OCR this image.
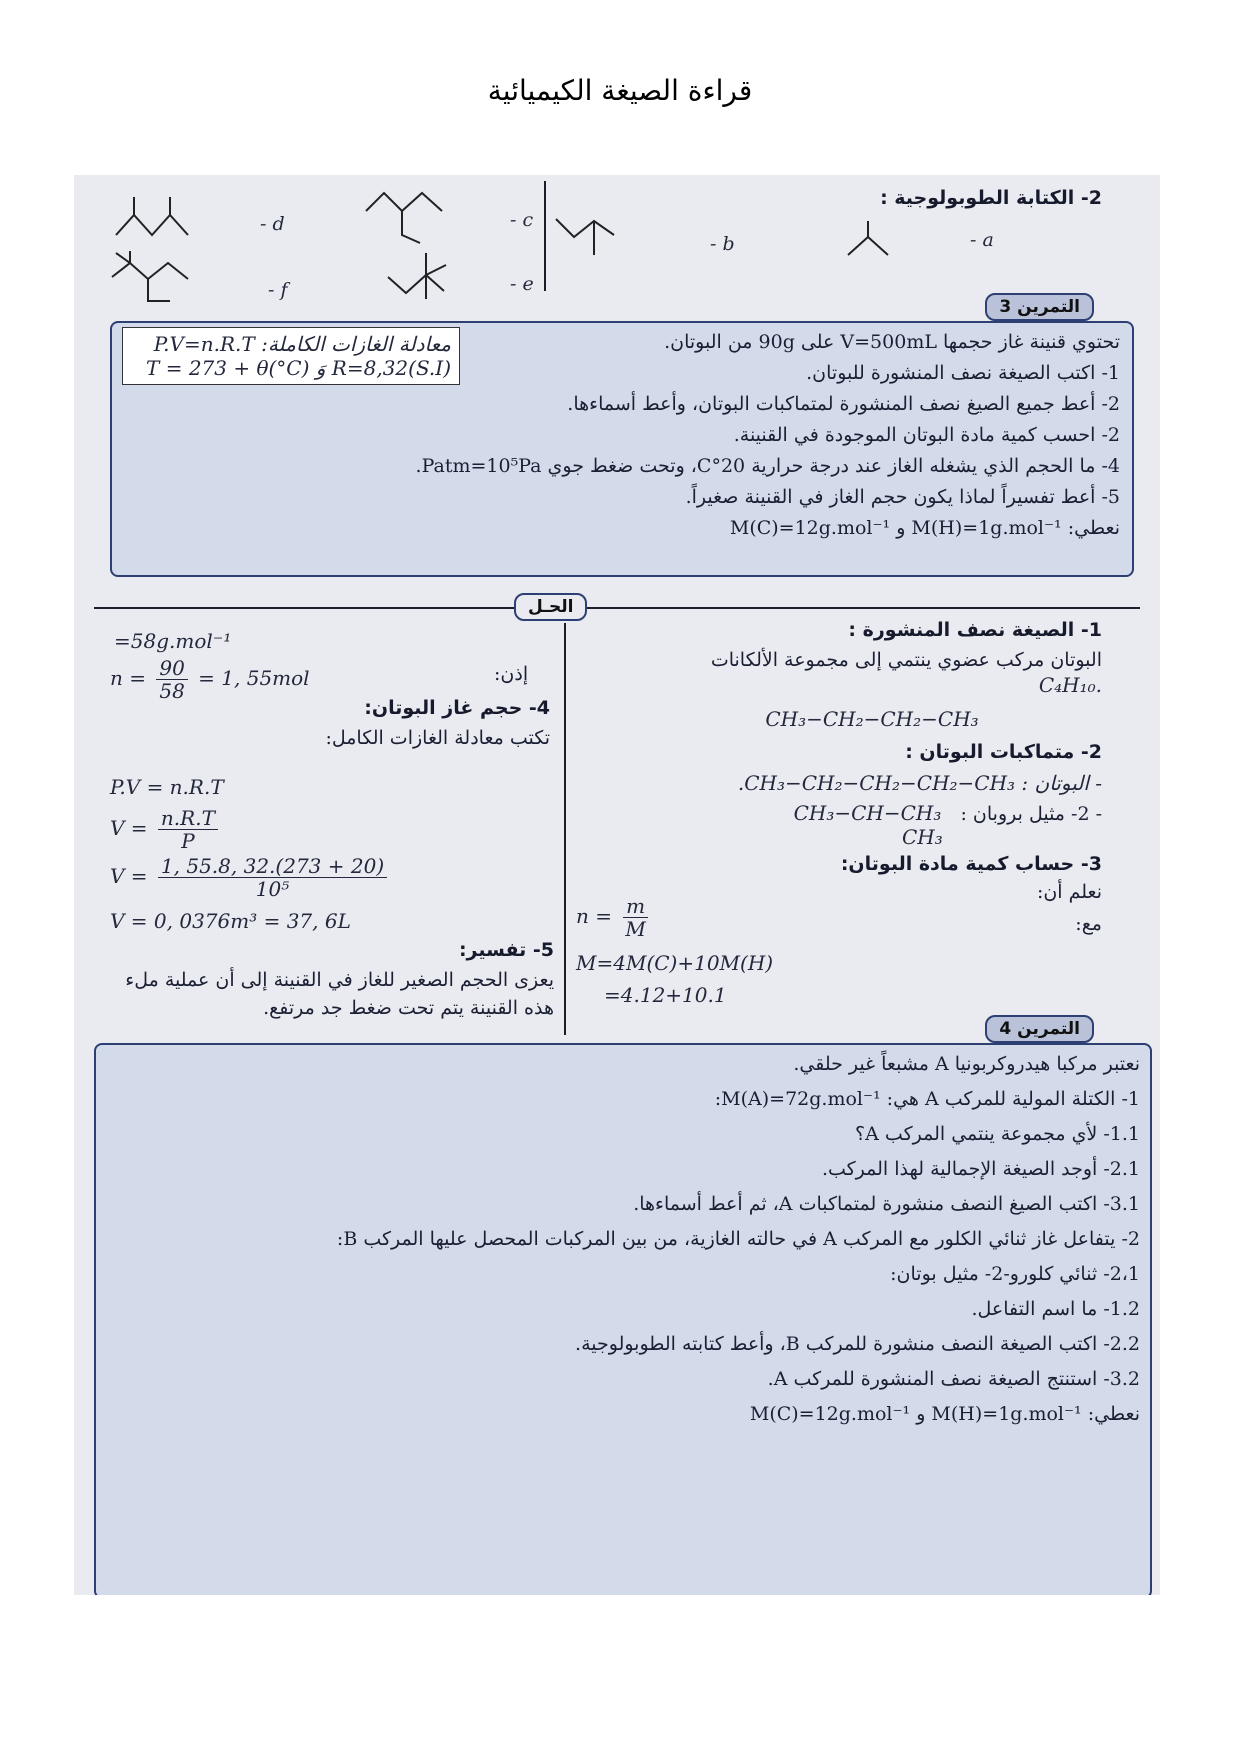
قراءة الصيغة الكيميائية
2- الكتابة الطوبولوجية :
- a
- b
- c
- d
- e
- f
التمرين 3
معادلة الغازات الكاملة: P.V=n.R.T
R=8,32(S.I) وَ T = 273 + θ(°C)
تحتوي قنينة غاز حجمها V=500mL على 90g من البوتان.
1- اكتب الصيغة نصف المنشورة للبوتان.
2- أعط جميع الصيغ نصف المنشورة لمتماكبات البوتان، وأعط أسماءها.
2- احسب كمية مادة البوتان الموجودة في القنينة.
4- ما الحجم الذي يشغله الغاز عند درجة حرارية 20°C، وتحت ضغط جوي Patm=10⁵Pa.
5- أعط تفسيراً لماذا يكون حجم الغاز في القنينة صغيراً.
نعطي: M(H)=1g.mol⁻¹ و M(C)=12g.mol⁻¹
الحـل
1- الصيغة نصف المنشورة :
البوتان مركب عضوي ينتمي إلى مجموعة الألكانات
.C₄H₁₀
CH₃−CH₂−CH₂−CH₃
2- متماكبات البوتان :
- البوتان : CH₃−CH₂−CH₂−CH₂−CH₃.
- 2- مثيل بروبان : CH₃−CH−CH₃
CH₃
3- حساب كمية مادة البوتان:
نعلم أن:
مع:
$n = \frac{m}{M}$
M=4M(C)+10M(H)
=4.12+10.1
=58g.mol⁻¹
$n = \frac{90}{58} = 1$, 55mol	إذن:
4- حجم غاز البوتان:
تكتب معادلة الغازات الكامل:
P.V = n.R.T
$V = \frac{n.R.T}{P}$
$V = \frac{1, 55.8, 32.(273 + 20)}{\text{10⁵}}$
V = 0, 0376m³ = 37, 6L
5- تفسير:
يعزى الحجم الصغير للغاز في القنينة إلى أن عملية ملء
هذه القنينة يتم تحت ضغط جد مرتفع.
التمرين 4
نعتبر مركبا هيدروكربونيا A مشبعاً غير حلقي.
1- الكتلة المولية للمركب A هي: M(A)=72g.mol⁻¹:
1.1- لأي مجموعة ينتمي المركب A؟
2.1- أوجد الصيغة الإجمالية لهذا المركب.
3.1- اكتب الصيغ النصف منشورة لمتماكبات A، ثم أعط أسماءها.
2- يتفاعل غاز ثنائي الكلور مع المركب A في حالته الغازية، من بين المركبات المحصل عليها المركب B:
2،1- ثنائي كلورو-2- مثيل بوتان:
1.2- ما اسم التفاعل.
2.2- اكتب الصيغة النصف منشورة للمركب B، وأعط كتابته الطوبولوجية.
3.2- استنتج الصيغة نصف المنشورة للمركب A.
نعطي: M(H)=1g.mol⁻¹ و M(C)=12g.mol⁻¹
